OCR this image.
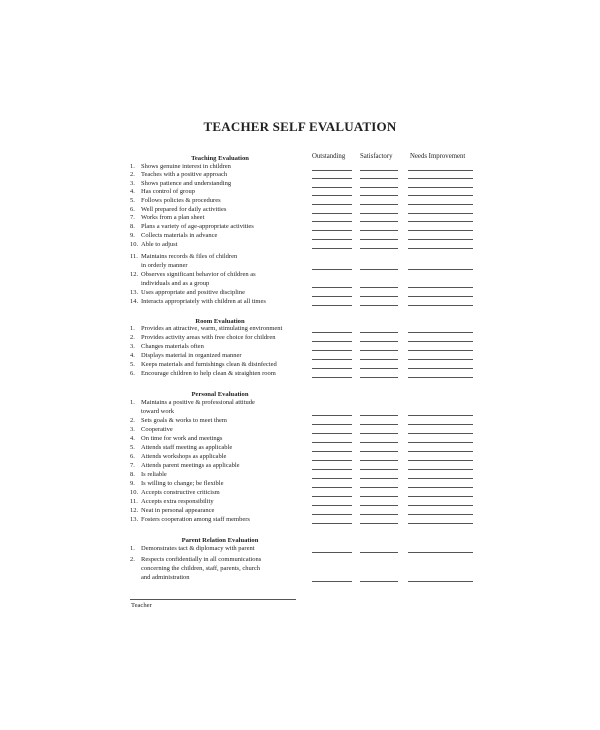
TEACHER SELF EVALUATION
Outstanding Satisfactory	Needs Improvement
Teaching Evaluation
1. Shows genuine interest in children
2. Teaches with a positive approach
3. Shows patience and understanding
4. Has control of group
5. Follows policies & procedures
6. Well prepared for daily activities
7. Works from a plan sheet
8. Plans a variety of age-appropriate activities
9. Collects materials in advance
10. Able to adjust
11. Maintains records & files of children
in orderly manner
12. Observes significant behavior of children as
individuals and as a group
13. Uses appropriate and positive discipline
14. Interacts appropriately with children at all times
Room Evaluation
1. Provides an attractive, warm, stimulating environment
2. Provides activity areas with free choice for children
3. Changes materials often
4. Displays material in organized manner
5. Keeps materials and furnishings clean & disinfected
6. Encourage children to help clean & straighten room
Personal Evaluation
1. Maintains a positive & professional attitude
toward work
2. Sets goals & works to meet them
3. Cooperative
4. On time for work and meetings
5. Attends staff meeting as applicable
6. Attends workshops as applicable
7. Attends parent meetings as applicable
8. Is reliable
9. Is willing to change; be flexible
10. Accepts constructive criticism
11. Accepts extra responsibility
12. Neat in personal appearance
13. Fosters cooperation among staff members
Parent Relation Evaluation
1. Demonstrates tact & diplomacy with parent
2. Respects confidentially in all communications
concerning the children, staff, parents, church
and administration
Teacher
